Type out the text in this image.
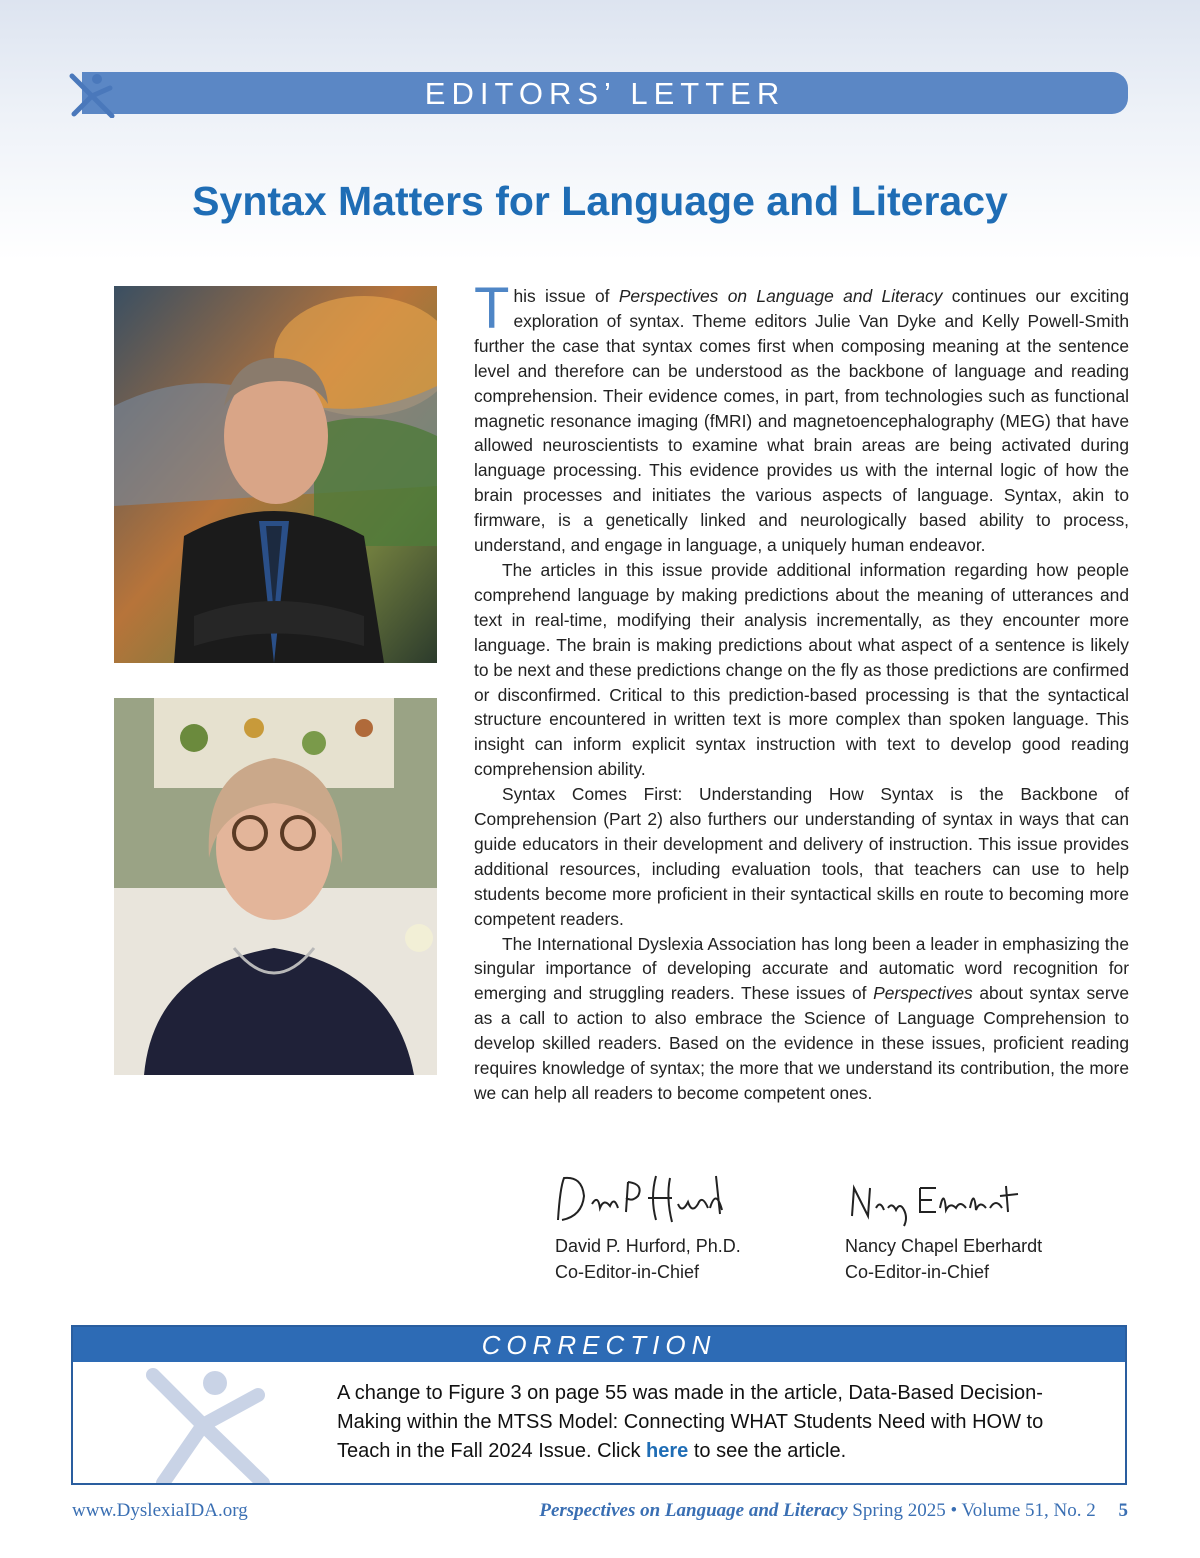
EDITORS’ LETTER
Syntax Matters for Language and Literacy

This issue of Perspectives on Language and Literacy continues our exciting exploration of syntax. Theme editors Julie Van Dyke and Kelly Powell-Smith further the case that syntax comes first when composing meaning at the sentence level and therefore can be understood as the backbone of language and reading comprehension. Their evidence comes, in part, from technologies such as functional magnetic resonance imaging (fMRI) and magnetoencephalography (MEG) that have allowed neuroscientists to examine what brain areas are being activated during language processing. This evidence provides us with the internal logic of how the brain processes and initiates the various aspects of language. Syntax, akin to firmware, is a genetically linked and neurologically based ability to process, understand, and engage in language, a uniquely human endeavor.

The articles in this issue provide additional information regarding how people comprehend language by making predictions about the meaning of utterances and text in real-time, modifying their analysis incrementally, as they encounter more language. The brain is making predictions about what aspect of a sentence is likely to be next and these predictions change on the fly as those predictions are confirmed or disconfirmed. Critical to this prediction-based processing is that the syntactical structure encountered in written text is more complex than spoken language. This insight can inform explicit syntax instruction with text to develop good reading comprehension ability.

Syntax Comes First: Understanding How Syntax is the Backbone of Comprehension (Part 2) also furthers our understanding of syntax in ways that can guide educators in their development and delivery of instruction. This issue provides additional resources, including evaluation tools, that teachers can use to help students become more proficient in their syntactical skills en route to becoming more competent readers.

The International Dyslexia Association has long been a leader in emphasizing the singular importance of developing accurate and automatic word recognition for emerging and struggling readers. These issues of Perspectives about syntax serve as a call to action to also embrace the Science of Language Comprehension to develop skilled readers. Based on the evidence in these issues, proficient reading requires knowledge of syntax; the more that we understand its contribution, the more we can help all readers to become competent ones.

David P. Hurford, Ph.D.
Co-Editor-in-Chief
Nancy Chapel Eberhardt
Co-Editor-in-Chief
CORRECTION
A change to Figure 3 on page 55 was made in the article, Data-Based Decision-Making within the MTSS Model: Connecting WHAT Students Need with HOW to Teach in the Fall 2024 Issue. Click here to see the article.
www.DyslexiaIDA.org	Perspectives on Language and Literacy Spring 2025 • Volume 51, No. 2 5
